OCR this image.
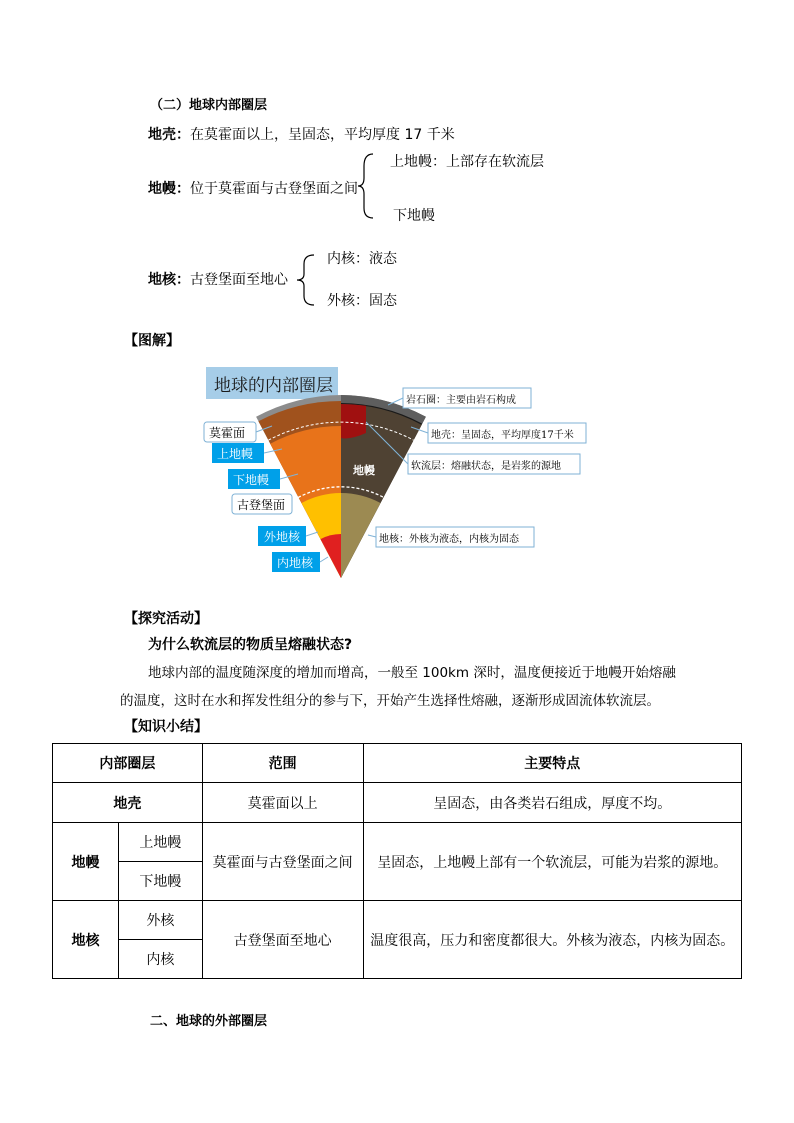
（二）地球内部圈层
地壳：在莫霍面以上，呈固态，平均厚度 17 千米
地幔：位于莫霍面与古登堡面之间
上地幔：上部存在软流层
下地幔
地核：古登堡面至地心
内核：液态
外核：固态
【图解】
地球的内部圈层
莫霍面
上地幔
下地幔
古登堡面
外地核
内地核
地幔
岩石圈：主要由岩石构成
地壳：呈固态，平均厚度17千米
软流层：熔融状态，是岩浆的源地
地核：外核为液态，内核为固态
【探究活动】
为什么软流层的物质呈熔融状态?
地球内部的温度随深度的增加而增高，一般至 100km 深时，温度便接近于地幔开始熔融
的温度，这时在水和挥发性组分的参与下，开始产生选择性熔融，逐渐形成固流体软流层。
【知识小结】
内部圈层		范围	主要特点
地壳		莫霍面以上	呈固态，由各类岩石组成，厚度不均。
地幔	上地幔	莫霍面与古登堡面之间	呈固态，上地幔上部有一个软流层，可能为岩浆的源地。
	下地幔		
地核	外核	古登堡面至地心	温度很高，压力和密度都很大。外核为液态，内核为固态。
	内核		
二、地球的外部圈层
